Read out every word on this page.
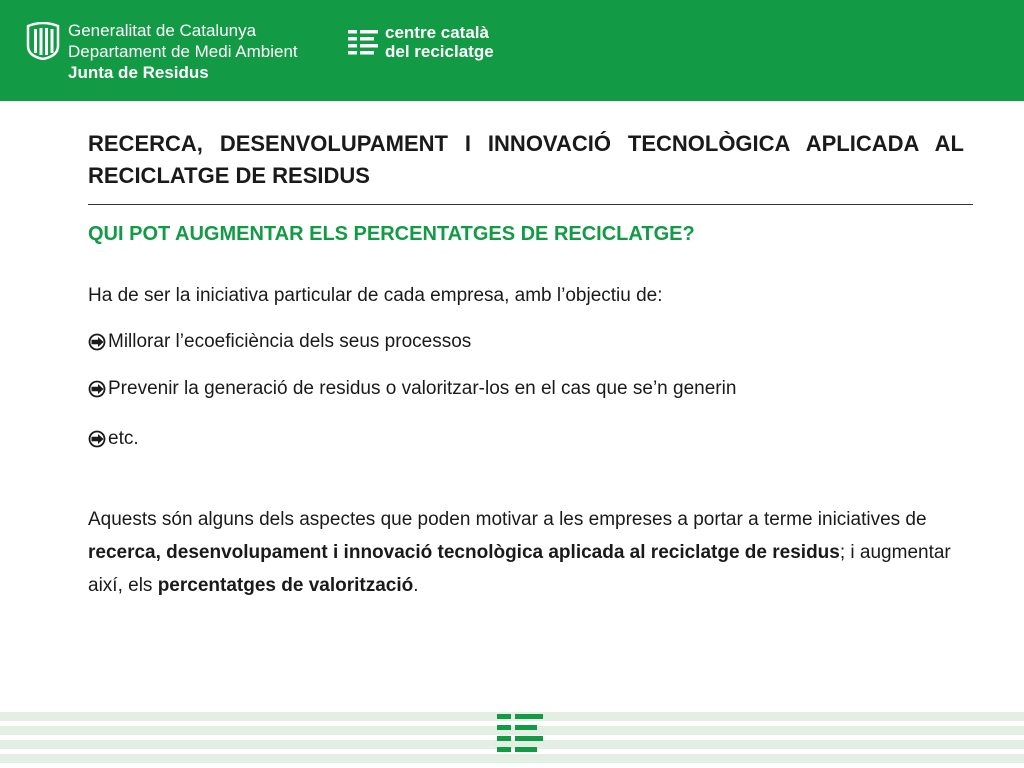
Generalitat de Catalunya
Departament de Medi Ambient
Junta de Residus
centre català
del reciclatge

RECERCA, DESENVOLUPAMENT I INNOVACIÓ TECNOLÒGICA APLICADA AL RECICLATGE DE RESIDUS

QUI POT AUGMENTAR ELS PERCENTATGES DE RECICLATGE?

Ha de ser la iniciativa particular de cada empresa, amb l’objectiu de:

Millorar l’ecoeficiència dels seus processos

Prevenir la generació de residus o valoritzar-los en el cas que se’n generin

etc.

Aquests són alguns dels aspectes que poden motivar a les empreses a portar a terme iniciatives de recerca, desenvolupament i innovació tecnològica aplicada al reciclatge de residus; i augmentar així, els percentatges de valorització.
